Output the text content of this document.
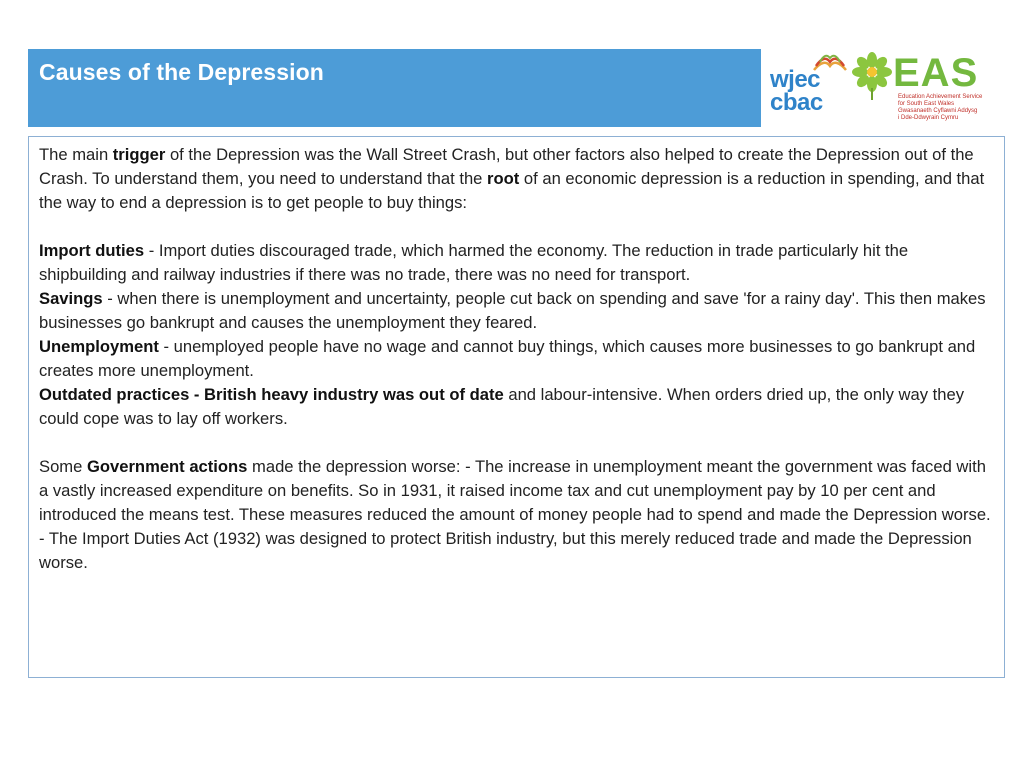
Causes of the Depression	wjec
cbac
EAS
Education Achievement Service
for South East Wales
Gwasanaeth Cyflawni Addysg
i Dde-Ddwyrain Cymru

The main trigger of the Depression was the Wall Street Crash, but other factors also helped to create the Depression out of the Crash. To understand them, you need to understand that the root of an economic depression is a reduction in spending, and that the way to end a depression is to get people to buy things:

Import duties - Import duties discouraged trade, which harmed the economy. The reduction in trade particularly hit the shipbuilding and railway industries if there was no trade, there was no need for transport.

Savings - when there is unemployment and uncertainty, people cut back on spending and save 'for a rainy day'. This then makes businesses go bankrupt and causes the unemployment they feared.

Unemployment - unemployed people have no wage and cannot buy things, which causes more businesses to go bankrupt and creates more unemployment.

Outdated practices - British heavy industry was out of date and labour-intensive. When orders dried up, the only way they could cope was to lay off workers.

Some Government actions made the depression worse: - The increase in unemployment meant the government was faced with a vastly increased expenditure on benefits. So in 1931, it raised income tax and cut unemployment pay by 10 per cent and introduced the means test. These measures reduced the amount of money people had to spend and made the Depression worse. - The Import Duties Act (1932) was designed to protect British industry, but this merely reduced trade and made the Depression worse.
